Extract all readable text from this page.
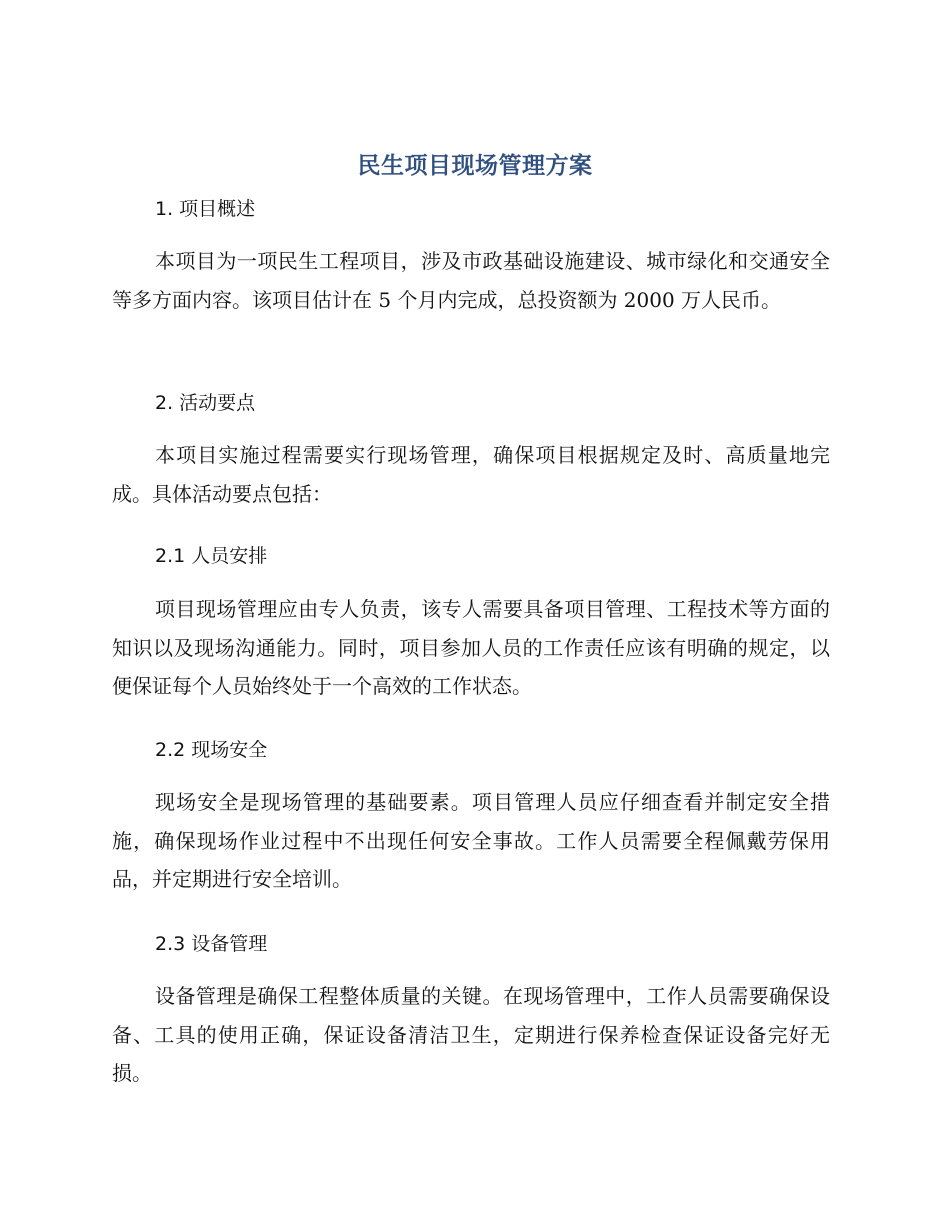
民生项目现场管理方案
1. 项目概述

本项目为一项民生工程项目，涉及市政基础设施建设、城市绿化和交通安全等多方面内容。该项目估计在 5 个月内完成，总投资额为 2000 万人民币。

2. 活动要点

本项目实施过程需要实行现场管理，确保项目根据规定及时、高质量地完成。具体活动要点包括：

2.1 人员安排

项目现场管理应由专人负责，该专人需要具备项目管理、工程技术等方面的知识以及现场沟通能力。同时，项目参加人员的工作责任应该有明确的规定，以便保证每个人员始终处于一个高效的工作状态。

2.2 现场安全

现场安全是现场管理的基础要素。项目管理人员应仔细查看并制定安全措施，确保现场作业过程中不出现任何安全事故。工作人员需要全程佩戴劳保用品，并定期进行安全培训。

2.3 设备管理

设备管理是确保工程整体质量的关键。在现场管理中，工作人员需要确保设备、工具的使用正确，保证设备清洁卫生，定期进行保养检查保证设备完好无损。
